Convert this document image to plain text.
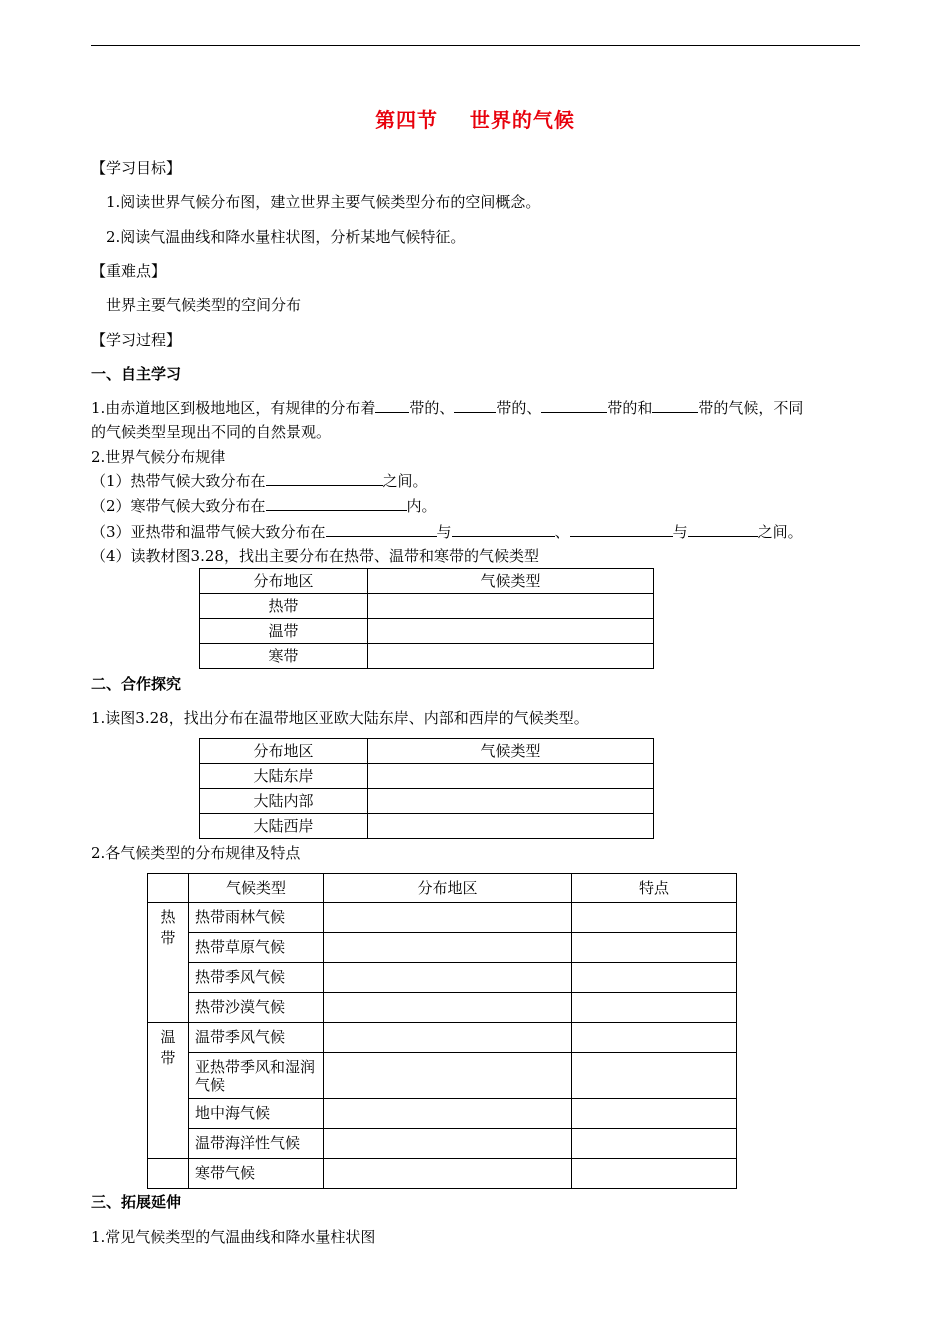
第四节    世界的气候
【学习目标】
1.阅读世界气候分布图，建立世界主要气候类型分布的空间概念。
2.阅读气温曲线和降水量柱状图，分析某地气候特征。
【重难点】
世界主要气候类型的空间分布
【学习过程】
一、自主学习
1.由赤道地区到极地地区，有规律的分布着 带的、	带的、	带的和	带的气候，不同
的气候类型呈现出不同的自然景观。
2.世界气候分布规律
（1）热带气候大致分布在	之间。
（2）寒带气候大致分布在	内。
（3）亚热带和温带气候大致分布在	与	、	与	之间。
（4）读教材图3.28，找出主要分布在热带、温带和寒带的气候类型
分布地区	气候类型
热带	
温带	
寒带	
二、合作探究
1.读图3.28，找出分布在温带地区亚欧大陆东岸、内部和西岸的气候类型。
分布地区	气候类型
大陆东岸	
大陆内部	
大陆西岸	
2.各气候类型的分布规律及特点
	气候类型	分布地区	特点

热带	热带雨林气候		
	热带草原气候		
	热带季风气候		
	热带沙漠气候		

温带	温带季风气候		
	亚热带季风和湿润气候		
	地中海气候		
	温带海洋性气候		
	寒带气候		
三、拓展延伸
1.常见气候类型的气温曲线和降水量柱状图
